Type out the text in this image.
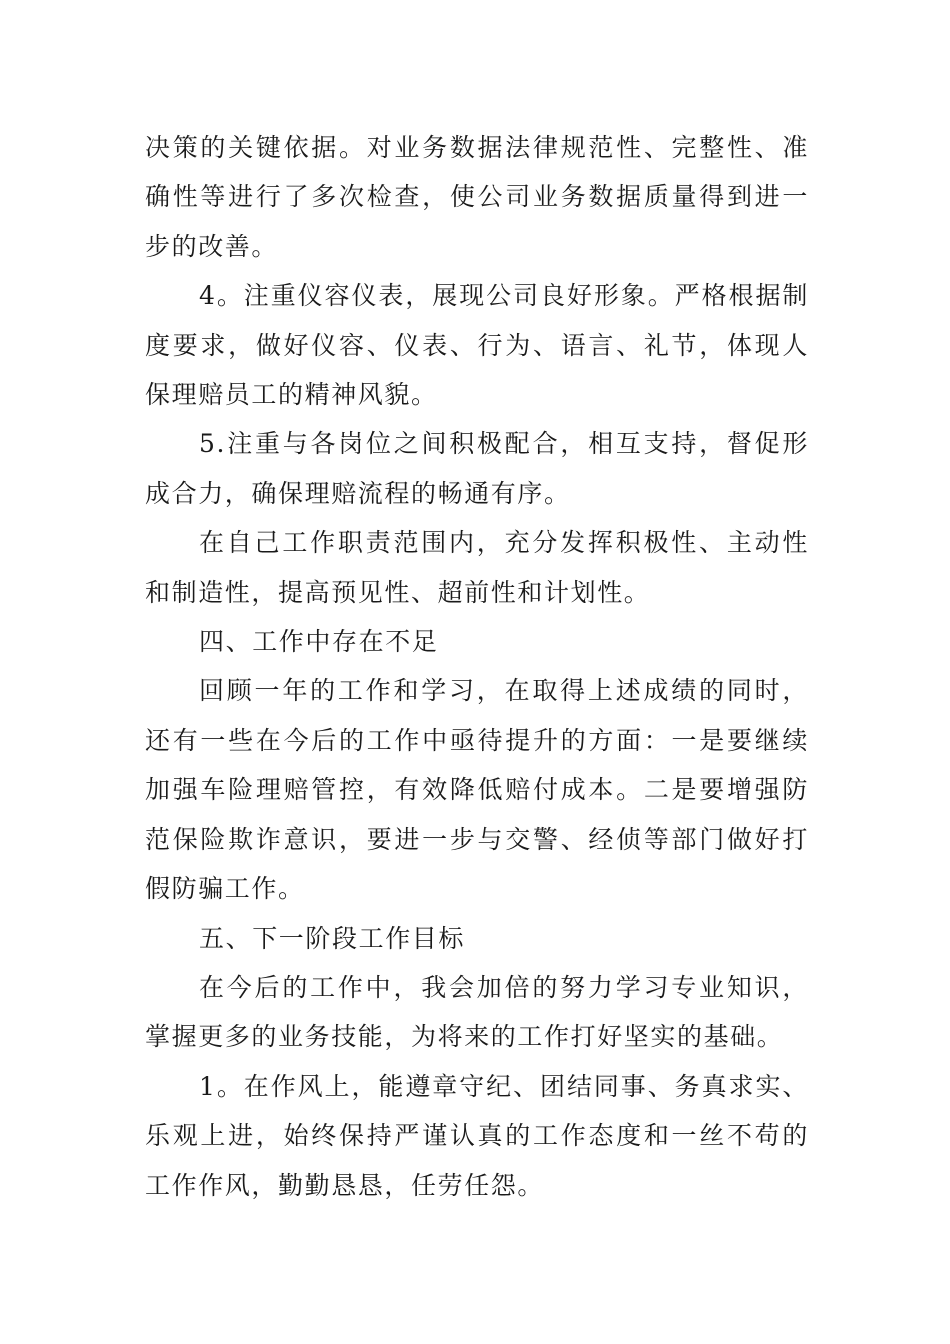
决策的关键依据。对业务数据法律规范性、完整性、准确性等进行了多次检查，使公司业务数据质量得到进一步的改善。

4。注重仪容仪表，展现公司良好形象。严格根据制度要求，做好仪容、仪表、行为、语言、礼节，体现人保理赔员工的精神风貌。

5.注重与各岗位之间积极配合，相互支持，督促形成合力，确保理赔流程的畅通有序。

在自己工作职责范围内，充分发挥积极性、主动性和制造性，提高预见性、超前性和计划性。

四、工作中存在不足

回顾一年的工作和学习，在取得上述成绩的同时，还有一些在今后的工作中亟待提升的方面：一是要继续加强车险理赔管控，有效降低赔付成本。二是要增强防范保险欺诈意识，要进一步与交警、经侦等部门做好打假防骗工作。

五、下一阶段工作目标

在今后的工作中，我会加倍的努力学习专业知识，掌握更多的业务技能，为将来的工作打好坚实的基础。

1。在作风上，能遵章守纪、团结同事、务真求实、乐观上进，始终保持严谨认真的工作态度和一丝不苟的工作作风，勤勤恳恳，任劳任怨。
